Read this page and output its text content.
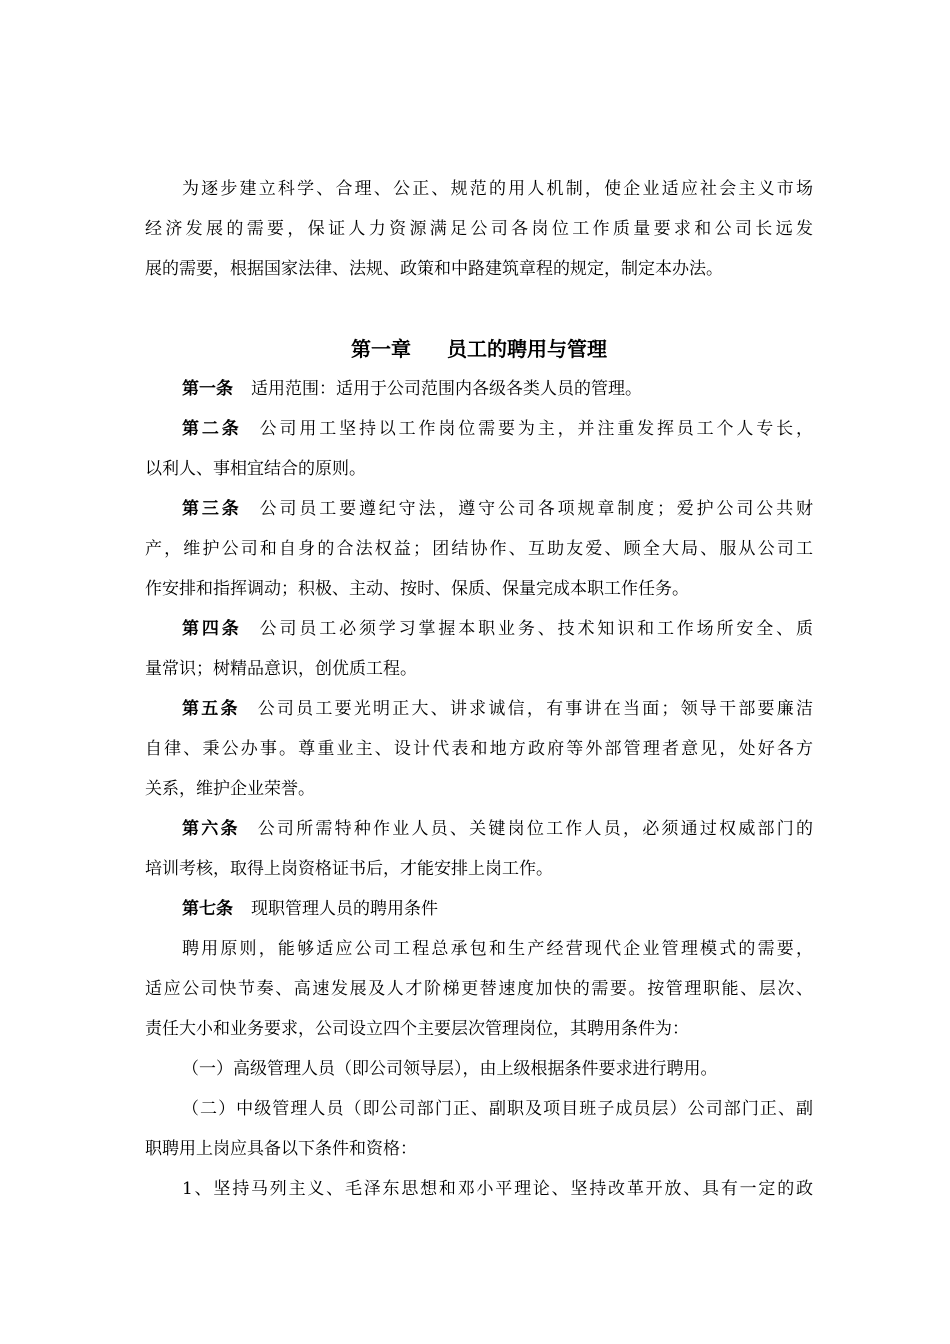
为逐步建立科学、合理、公正、规范的用人机制，使企业适应社会主义市场
经济发展的需要，保证人力资源满足公司各岗位工作质量要求和公司长远发
展的需要，根据国家法律、法规、政策和中路建筑章程的规定，制定本办法。
第一章 员工的聘用与管理
第一条 适用范围：适用于公司范围内各级各类人员的管理。
第二条 公司用工坚持以工作岗位需要为主，并注重发挥员工个人专长，
以利人、事相宜结合的原则。
第三条 公司员工要遵纪守法，遵守公司各项规章制度；爱护公司公共财
产，维护公司和自身的合法权益；团结协作、互助友爱、顾全大局、服从公司工
作安排和指挥调动；积极、主动、按时、保质、保量完成本职工作任务。
第四条 公司员工必须学习掌握本职业务、技术知识和工作场所安全、质
量常识；树精品意识，创优质工程。
第五条 公司员工要光明正大、讲求诚信，有事讲在当面；领导干部要廉洁
自律、秉公办事。尊重业主、设计代表和地方政府等外部管理者意见，处好各方
关系，维护企业荣誉。
第六条 公司所需特种作业人员、关键岗位工作人员，必须通过权威部门的
培训考核，取得上岗资格证书后，才能安排上岗工作。
第七条 现职管理人员的聘用条件
聘用原则，能够适应公司工程总承包和生产经营现代企业管理模式的需要，
适应公司快节奏、高速发展及人才阶梯更替速度加快的需要。按管理职能、层次、
责任大小和业务要求，公司设立四个主要层次管理岗位，其聘用条件为：
（一）高级管理人员（即公司领导层），由上级根据条件要求进行聘用。
（二）中级管理人员（即公司部门正、副职及项目班子成员层）公司部门正、副
职聘用上岗应具备以下条件和资格：
1、坚持马列主义、毛泽东思想和邓小平理论、坚持改革开放、具有一定的政
